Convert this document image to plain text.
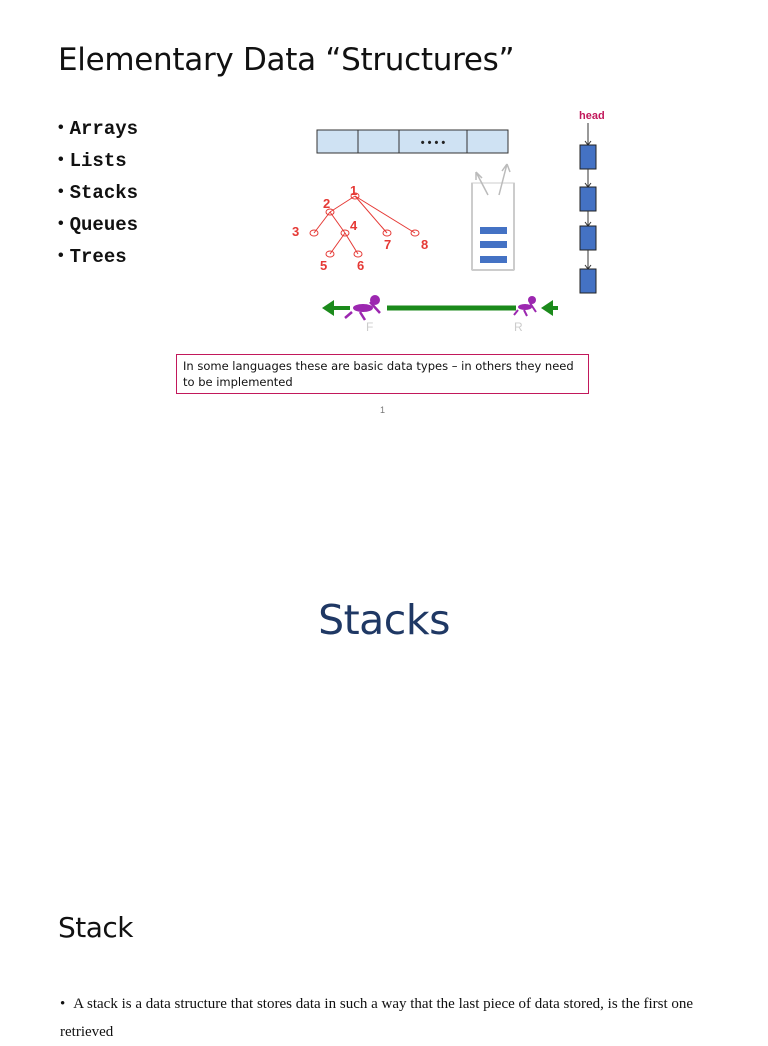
Elementary Data “Structures”
• Arrays
• Lists
• Stacks
• Queues
• Trees
• • • •
1
2
3	4
5 6
7 8
head
F	R
In some languages these are basic data types – in others they need to be implemented
1
Stacks
Stack
• A stack is a data structure that stores data in such a way that the last piece of data stored, is the first one retrieved
